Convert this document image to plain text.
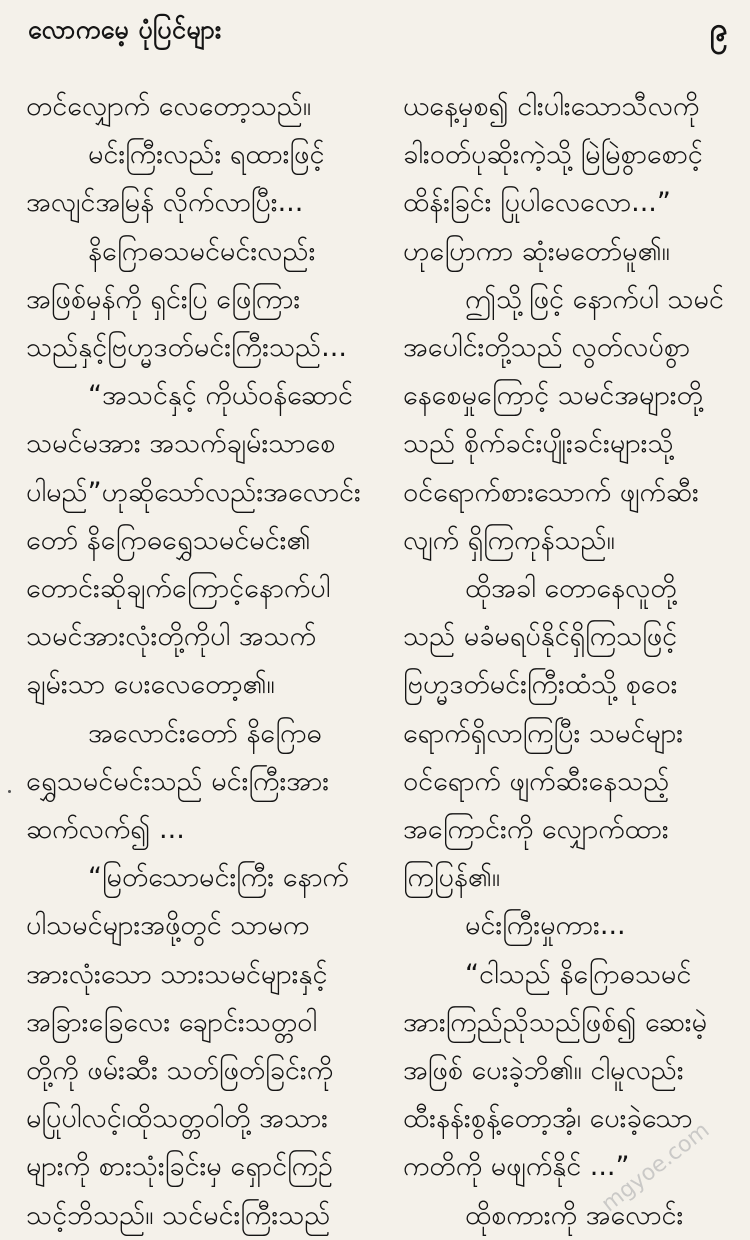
လောကမေ့ ပုံပြင်များ	၉

တင်လျှောက် လေတော့သည်။

မင်းကြီးလည်း ရထားဖြင့်

အလျင်အမြန် လိုက်လာပြီး...

နိဂြောဓသမင်မင်းလည်း

အဖြစ်မှန်ကို ရှင်းပြ ဖြေကြား

သည်နှင့်ဗြဟ္မဒတ်မင်းကြီးသည်...

“အသင်နှင့် ကိုယ်ဝန်ဆောင်

သမင်မအား အသက်ချမ်းသာစေ

ပါမည်”ဟုဆိုသော်လည်းအလောင်း

တော် နိဂြောဓရွှေသမင်မင်း၏

တောင်းဆိုချက်ကြောင့်နောက်ပါ

သမင်အားလုံးတို့ကိုပါ အသက်

ချမ်းသာ ပေးလေတော့၏။

အလောင်းတော် နိဂြောဓ

ရွှေသမင်မင်းသည် မင်းကြီးအား

ဆက်လက်၍ ...

“မြတ်သောမင်းကြီး နောက်

ပါသမင်များအဖို့တွင် သာမက

အားလုံးသော သားသမင်များနှင့်

အခြားခြေလေး ချောင်းသတ္တဝါ

တို့ကို ဖမ်းဆီး သတ်ဖြတ်ခြင်းကို

မပြုပါလင့်၊ထိုသတ္တဝါတို့ အသား

များကို စားသုံးခြင်းမှ ရှောင်ကြဉ်

သင့်ဘိသည်။ သင်မင်းကြီးသည်

ယနေ့မှစ၍ ငါးပါးသောသီလကို

ခါးဝတ်ပုဆိုးကဲ့သို့ မြဲမြဲစွာစောင့်

ထိန်းခြင်း ပြုပါလေလော...”

ဟုပြောကာ ဆုံးမတော်မူ၏။

ဤသို့ဖြင့် နောက်ပါ သမင်

အပေါင်းတို့သည် လွတ်လပ်စွာ

နေစေမှုကြောင့် သမင်အများတို့

သည် စိုက်ခင်းပျိုးခင်းများသို့

ဝင်ရောက်စားသောက် ဖျက်ဆီး

လျက် ရှိကြကုန်သည်။

ထိုအခါ တောနေလူတို့

သည် မခံမရပ်နိုင်ရှိကြသဖြင့်

ဗြဟ္မဒတ်မင်းကြီးထံသို့ စုဝေး

ရောက်ရှိလာကြပြီး သမင်များ

ဝင်ရောက် ဖျက်ဆီးနေသည့်

အကြောင်းကို လျှောက်ထား

ကြပြန်၏။

မင်းကြီးမှုကား...

“ငါသည် နိဂြောဓသမင်

အားကြည်ညိုသည်ဖြစ်၍ ဆေးမဲ့

အဖြစ် ပေးခဲ့ဘိ၏။ ငါမူလည်း

ထီးနန်းစွန့်တော့အံ့၊ ပေးခဲ့သော

ကတိကို မဖျက်နိုင် ...”

ထိုစကားကို အလောင်း

mgyoe.com
